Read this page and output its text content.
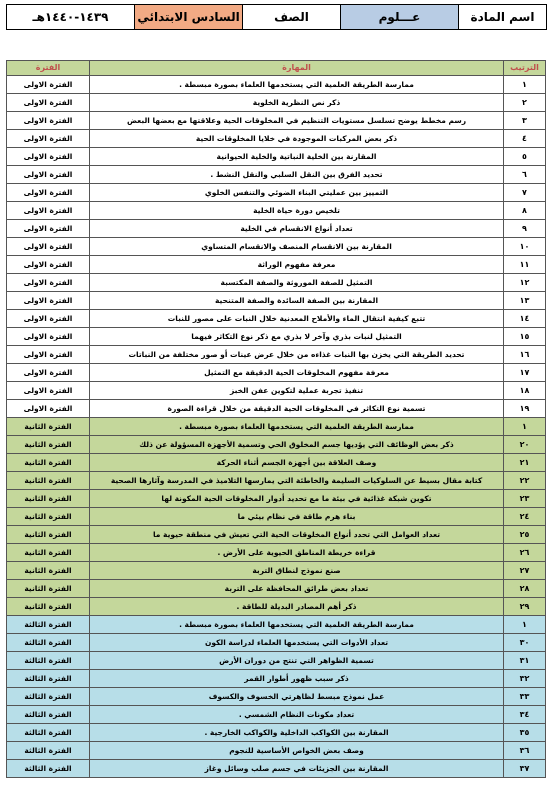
اسم المادة	عـــلوم	الصف	السادس الابتدائي	١٤٣٩-١٤٤٠هـ
الترتيب	المهارة	الفترة
١	ممارسة الطريقة العلمية التي يستخدمها العلماء بصورة مبسطة .	الفترة الاولى
٢	ذكر نص النظرية الخلوية	الفترة الاولى
٣	رسم مخطط يوضح تسلسل مستويات التنظيم في المخلوقات الحية وعلاقتها مع بعضها البعض	الفترة الاولى
٤	ذكر بعض المركبات الموجودة في خلايا المخلوقات الحية	الفترة الاولى
٥	المقارنة بين الخلية النباتية والخلية الحيوانية	الفترة الاولى
٦	تحديد الفرق بين النقل السلبي والنقل النشط .	الفترة الاولى
٧	التمييز بين عمليتي البناء الضوئي والتنفس الخلوي	الفترة الاولى
٨	تلخيص دورة حياة الخلية	الفترة الاولى
٩	تعداد أنواع الانقسام في الخلية	الفترة الاولى
١٠	المقارنة بين الانقسام المنصف والانقسام المتساوي	الفترة الاولى
١١	معرفة مفهوم الوراثة	الفترة الاولى
١٢	التمثيل للصفة الموروثة والصفة المكتسبة	الفترة الاولى
١٣	المقارنة بين الصفة السائدة والصفة المتنحية	الفترة الاولى
١٤	تتبع كيفية انتقال الماء والأملاح المعدنية خلال النبات على مصور للنبات	الفترة الاولى
١٥	التمثيل لنبات بذري وآخر لا بذري مع ذكر نوع التكاثر فيهما	الفترة الاولى
١٦	تحديد الطريقة التي يخزن بها النبات غذاءه من خلال عرض عينات أو صور مختلفة من النباتات	الفترة الاولى
١٧	معرفة مفهوم المخلوقات الحية الدقيقة مع التمثيل	الفترة الاولى
١٨	تنفيذ تجربة عملية لتكوين عفن الخبز	الفترة الاولى
١٩	تسمية نوع التكاثر في المخلوقات الحية الدقيقة من خلال قراءة الصورة	الفترة الاولى
١	ممارسة الطريقة العلمية التي يستخدمها العلماء بصورة مبسطة .	الفترة الثانية
٢٠	ذكر بعض الوظائف التي يؤديها جسم المخلوق الحي وتسمية الأجهزة المسؤولة عن ذلك	الفترة الثانية
٢١	وصف العلاقة بين أجهزة الجسم أثناء الحركة	الفترة الثانية
٢٢	كتابة مقال بسيط عن السلوكيات السليمة والخاطئة التي يمارسها التلاميذ في المدرسة وآثارها الصحية	الفترة الثانية
٢٣	تكوين شبكة غذائية في بيئة ما مع تحديد أدوار المخلوقات الحية المكونة لها	الفترة الثانية
٢٤	بناء هرم طاقة في نظام بيئي ما	الفترة الثانية
٢٥	تعداد العوامل التي تحدد أنواع المخلوقات الحية التي تعيش في منطقة حيوية ما	الفترة الثانية
٢٦	قراءة خريطة المناطق الحيوية على الأرض .	الفترة الثانية
٢٧	صنع نموذج لنطاق التربة	الفترة الثانية
٢٨	تعداد بعض طرائق المحافظة على التربة	الفترة الثانية
٢٩	ذكر أهم المصادر البديلة للطاقة .	الفترة الثانية
١	ممارسة الطريقة العلمية التي يستخدمها العلماء بصورة مبسطة .	الفترة الثالثة
٣٠	تعداد الأدوات التي يستخدمها العلماء لدراسة الكون	الفترة الثالثة
٣١	تسمية الظواهر التي تنتج من دوران الأرض	الفترة الثالثة
٣٢	ذكر سبب ظهور أطوار القمر	الفترة الثالثة
٣٣	عمل نموذج مبسط لظاهرتي الخسوف والكسوف	الفترة الثالثة
٣٤	تعداد مكونات النظام الشمسي .	الفترة الثالثة
٣٥	المقارنة بين الكواكب الداخلية والكواكب الخارجية .	الفترة الثالثة
٣٦	وصف بعض الخواص الأساسية للنجوم	الفترة الثالثة
٣٧	المقارنة بين الجزيئات في جسم صلب وسائل وغاز	الفترة الثالثة
